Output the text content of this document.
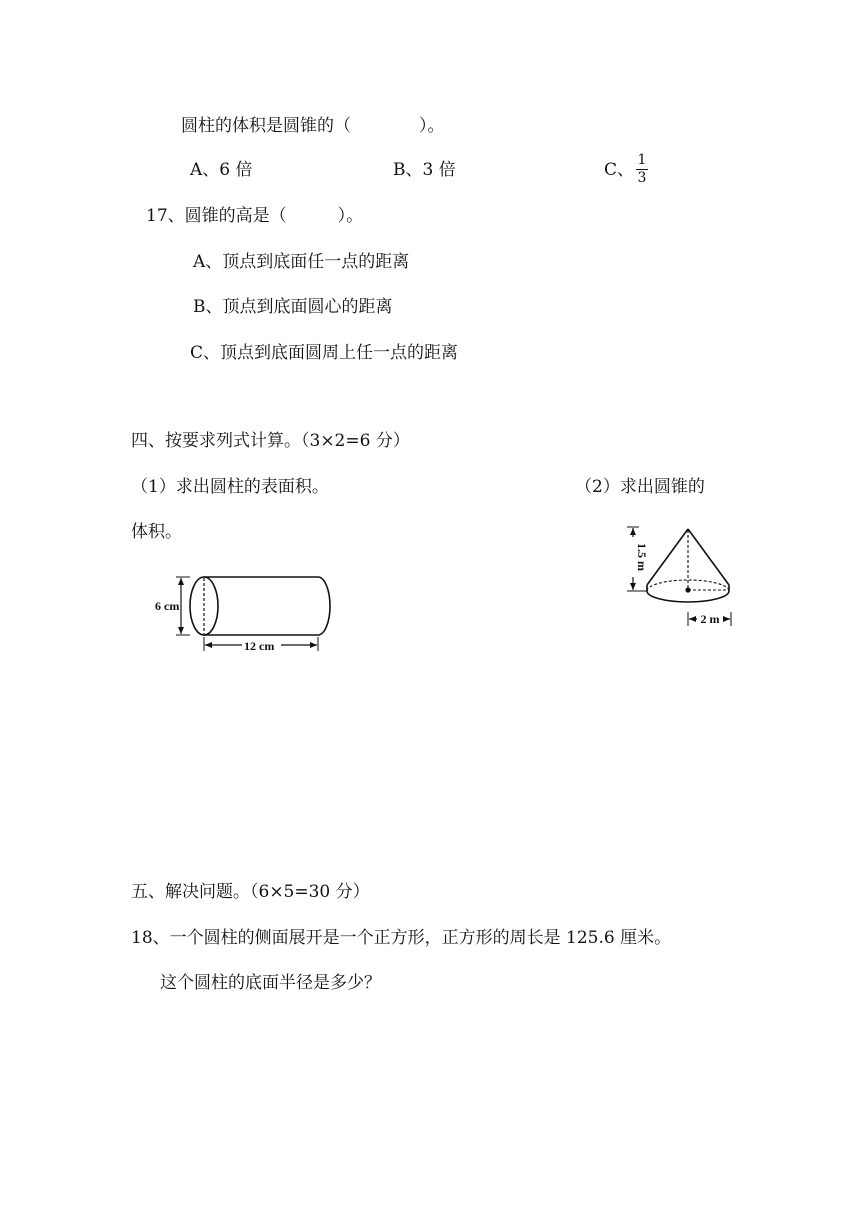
圆柱的体积是圆锥的（　　　　）。
A、6 倍	B、3 倍	C、 1
3
17、圆锥的高是（　　　）。
A、顶点到底面任一点的距离
B、顶点到底面圆心的距离
C、顶点到底面圆周上任一点的距离
四、按要求列式计算。（3×2=6 分）
（1）求出圆柱的表面积。	（2）求出圆锥的
体积。
6 cm
12 cm
1.5 m
2 m
五、解决问题。（6×5=30 分）
18、一个圆柱的侧面展开是一个正方形，正方形的周长是 125.6 厘米。
这个圆柱的底面半径是多少？
